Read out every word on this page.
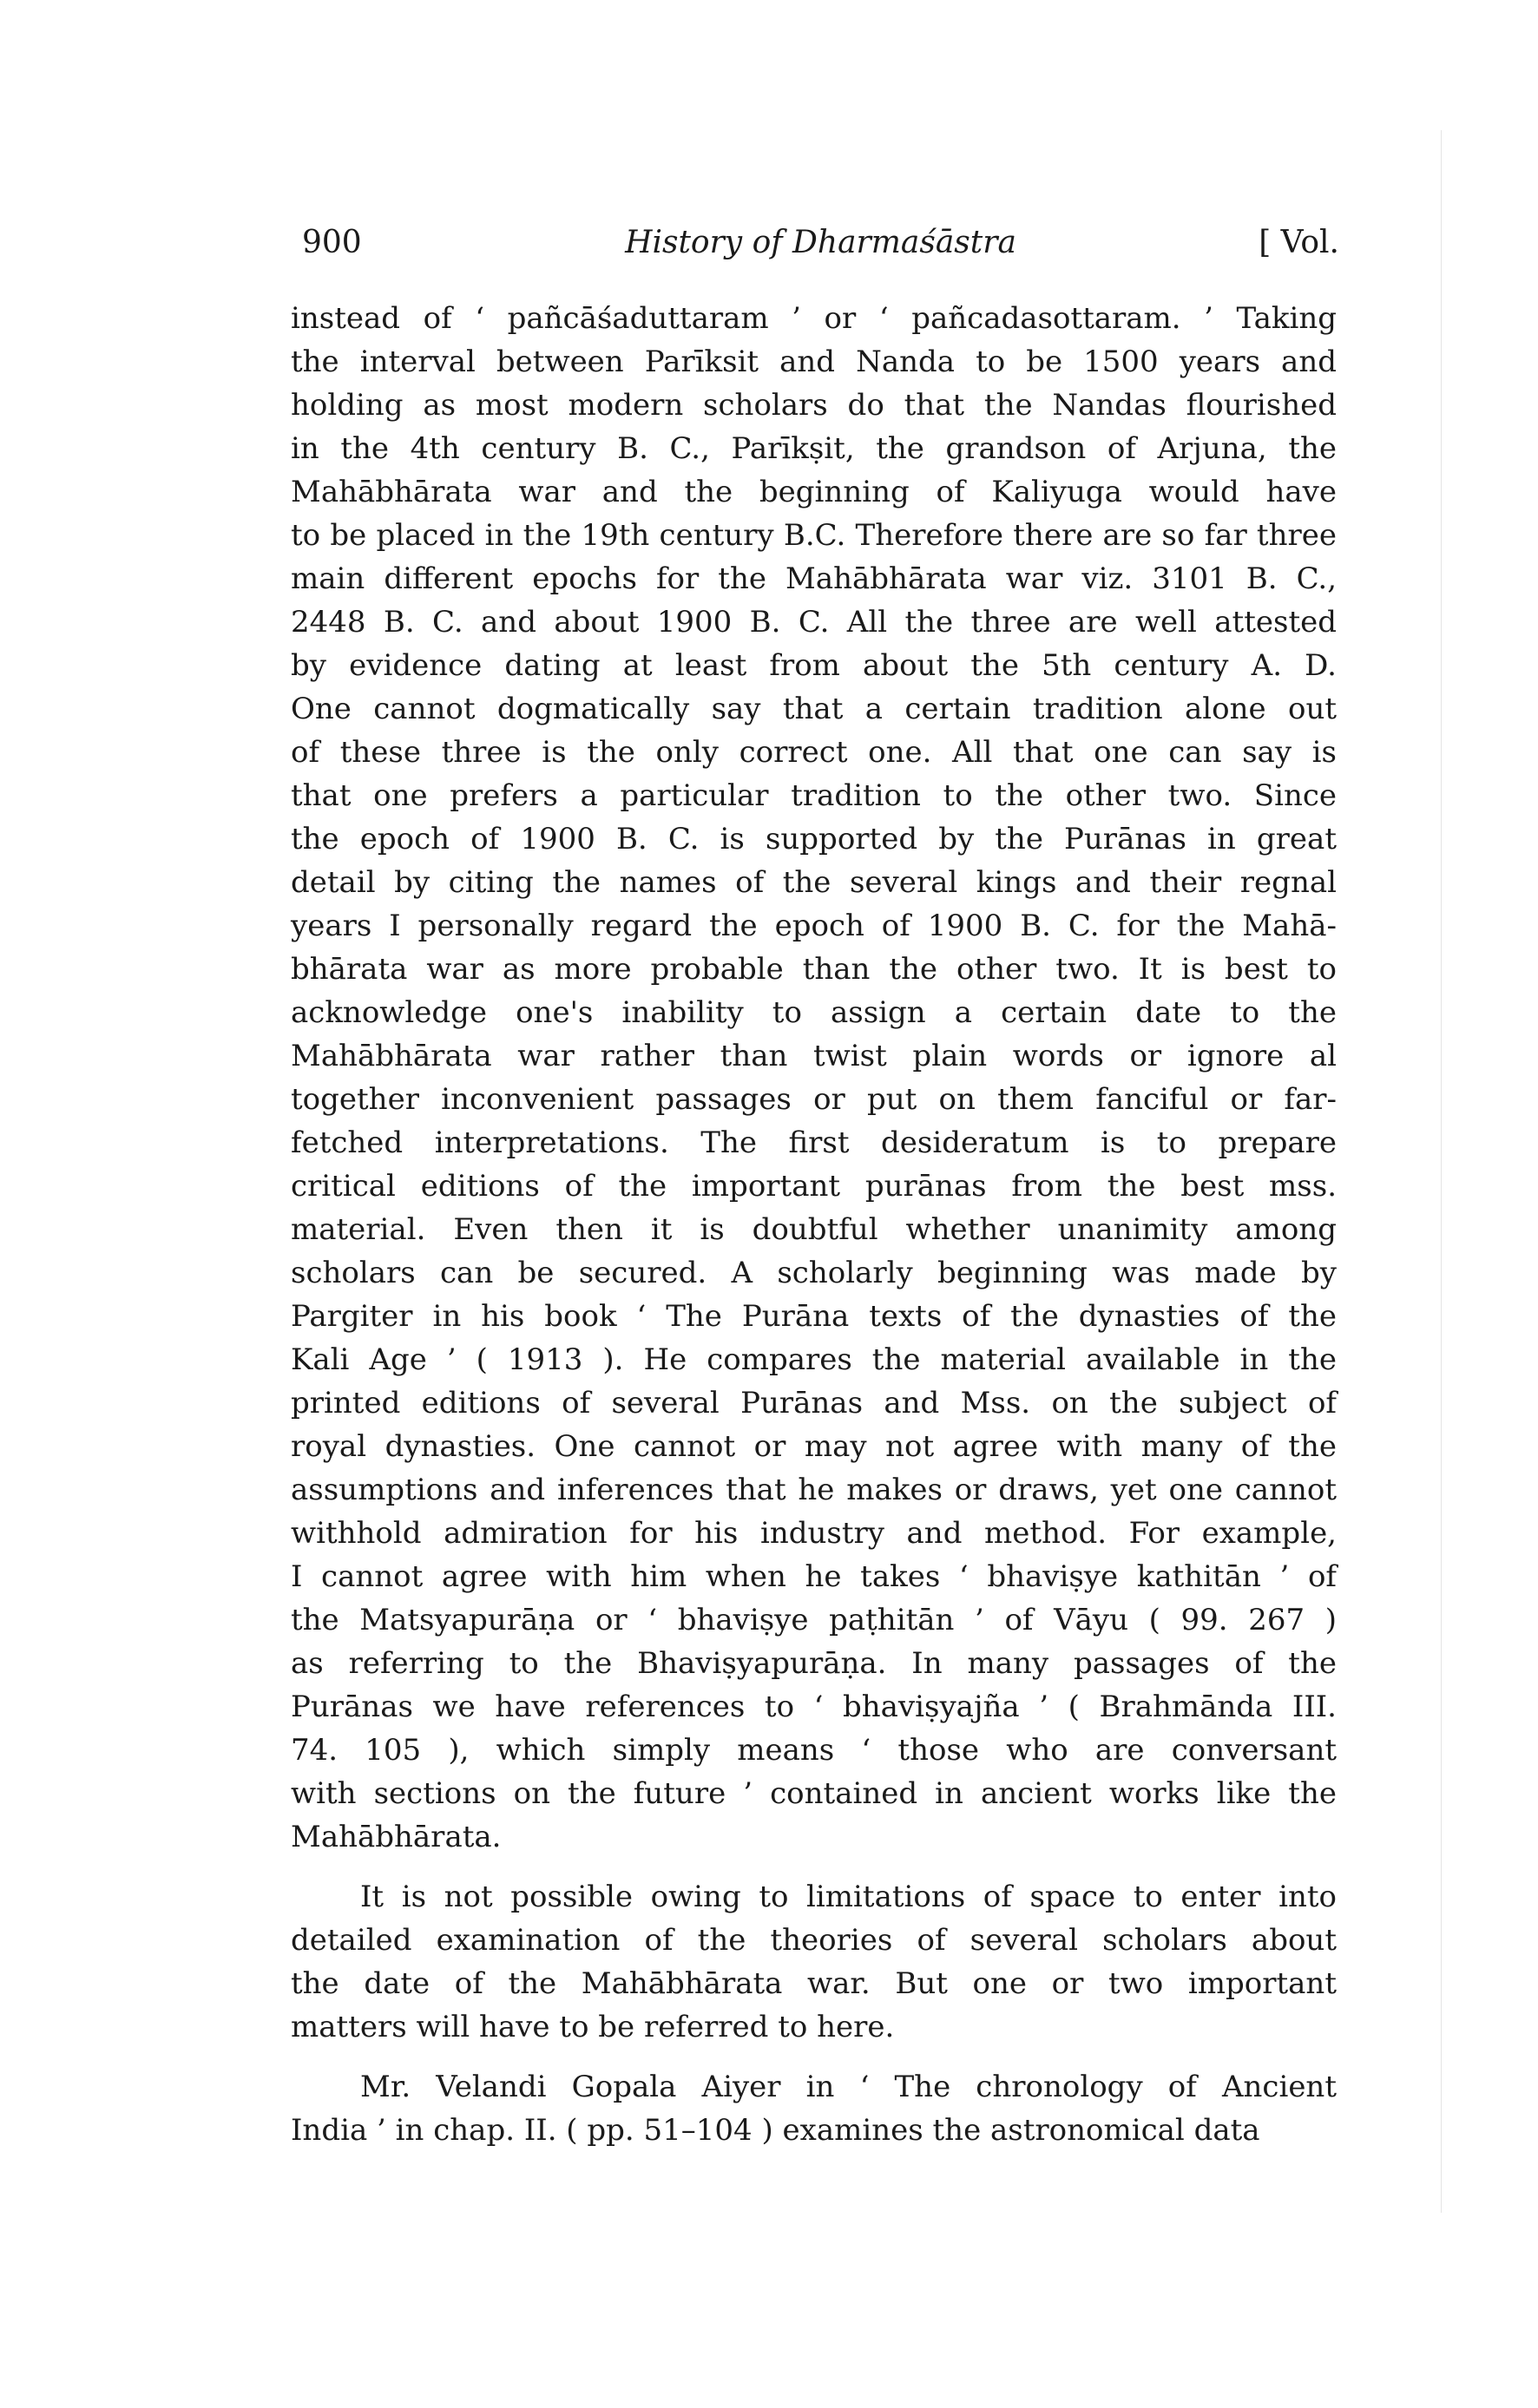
900	History of Dharmaśāstra	[ Vol.
instead of ‘ pañcāśaduttaram ’ or ‘ pañcadasottaram. ’ Taking
the interval between Parīksit and Nanda to be 1500 years and
holding as most modern scholars do that the Nandas flourished
in the 4th century B. C., Parīkṣit, the grandson of Arjuna, the
Mahābhārata war and the beginning of Kaliyuga would have
to be placed in the 19th century B.C. Therefore there are so far three
main different epochs for the Mahābhārata war viz. 3101 B. C.,
2448 B. C. and about 1900 B. C. All the three are well attested
by evidence dating at least from about the 5th century A. D.
One cannot dogmatically say that a certain tradition alone out
of these three is the only correct one. All that one can say is
that one prefers a particular tradition to the other two. Since
the epoch of 1900 B. C. is supported by the Purānas in great
detail by citing the names of the several kings and their regnal
years I personally regard the epoch of 1900 B. C. for the Mahā-
bhārata war as more probable than the other two. It is best to
acknowledge one's inability to assign a certain date to the
Mahābhārata war rather than twist plain words or ignore al
together inconvenient passages or put on them fanciful or far-
fetched interpretations. The first desideratum is to prepare
critical editions of the important purānas from the best mss.
material. Even then it is doubtful whether unanimity among
scholars can be secured. A scholarly beginning was made by
Pargiter in his book ‘ The Purāna texts of the dynasties of the
Kali Age ’ ( 1913 ). He compares the material available in the
printed editions of several Purānas and Mss. on the subject of
royal dynasties. One cannot or may not agree with many of the
assumptions and inferences that he makes or draws, yet one cannot
withhold admiration for his industry and method. For example,
I cannot agree with him when he takes ‘ bhaviṣye kathitān ’ of
the Matsyapurāṇa or ‘ bhaviṣye paṭhitān ’ of Vāyu ( 99. 267 )
as referring to the Bhaviṣyapurāṇa. In many passages of the
Purānas we have references to ‘ bhaviṣyajña ’ ( Brahmānda III.
74. 105 ), which simply means ‘ those who are conversant
with sections on the future ’ contained in ancient works like the
Mahābhārata.
It is not possible owing to limitations of space to enter into
detailed examination of the theories of several scholars about
the date of the Mahābhārata war. But one or two important
matters will have to be referred to here.
Mr. Velandi Gopala Aiyer in ‘ The chronology of Ancient
India ’ in chap. II. ( pp. 51–104 ) examines the astronomical data
